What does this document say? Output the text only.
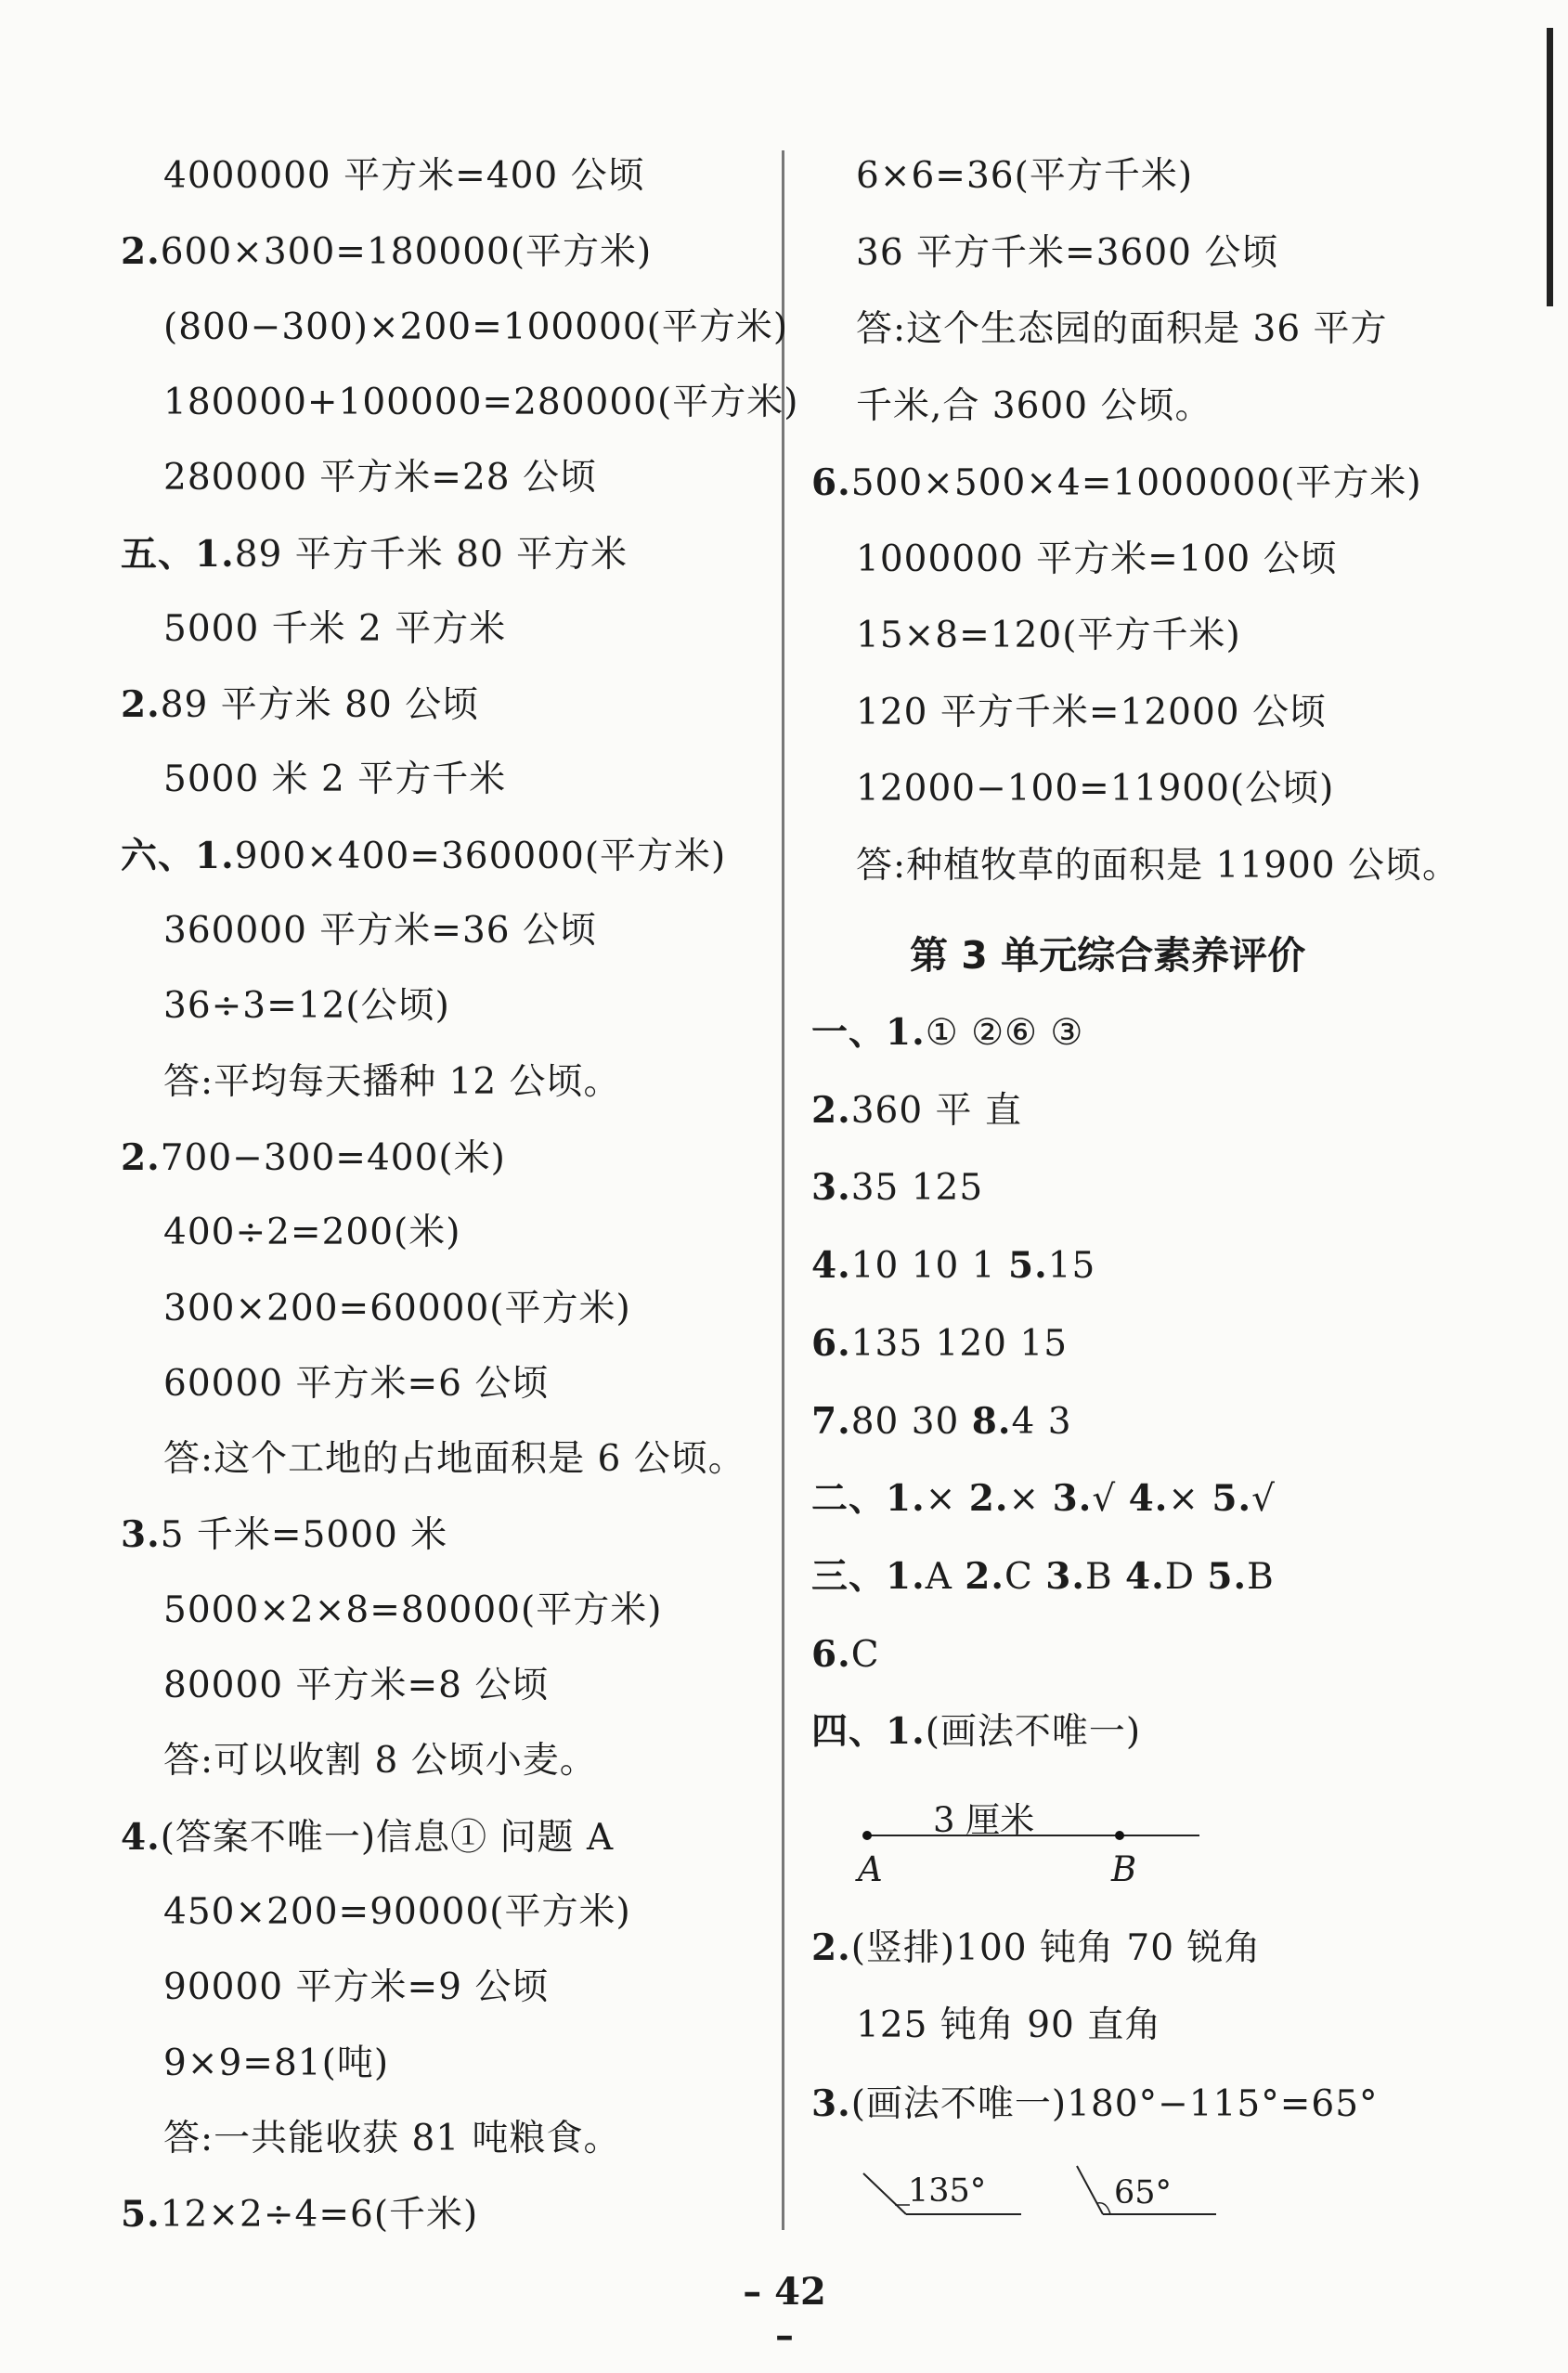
4000000 平方米=400 公顷
2.600×300=180000(平方米)
(800−300)×200=100000(平方米)
180000+100000=280000(平方米)
280000 平方米=28 公顷
五、1.89 平方千米 80 平方米
5000 千米 2 平方米
2.89 平方米 80 公顷
5000 米 2 平方千米
六、1.900×400=360000(平方米)
360000 平方米=36 公顷
36÷3=12(公顷)
答:平均每天播种 12 公顷。
2.700−300=400(米)
400÷2=200(米)
300×200=60000(平方米)
60000 平方米=6 公顷
答:这个工地的占地面积是 6 公顷。
3.5 千米=5000 米
5000×2×8=80000(平方米)
80000 平方米=8 公顷
答:可以收割 8 公顷小麦。
4.(答案不唯一)信息① 问题 A
450×200=90000(平方米)
90000 平方米=9 公顷
9×9=81(吨)
答:一共能收获 81 吨粮食。
5.12×2÷4=6(千米)
6×6=36(平方千米)
36 平方千米=3600 公顷
答:这个生态园的面积是 36 平方
千米,合 3600 公顷。
6.500×500×4=1000000(平方米)
1000000 平方米=100 公顷
15×8=120(平方千米)
120 平方千米=12000 公顷
12000−100=11900(公顷)
答:种植牧草的面积是 11900 公顷。
一、1.① ②⑥ ③
2.360 平 直
3.35 125
4.10 10 1 5.15
6.135 120 15
7.80 30 8.4 3
二、1.× 2.× 3.√ 4.× 5.√
三、1.A 2.C 3.B 4.D 5.B
6.C
四、1.(画法不唯一)
2.(竖排)100 钝角 70 锐角
125 钝角 90 直角
3.(画法不唯一)180°−115°=65°
第 3 单元综合素养评价
3 厘米
A	B
135°	65°
– 42 –
